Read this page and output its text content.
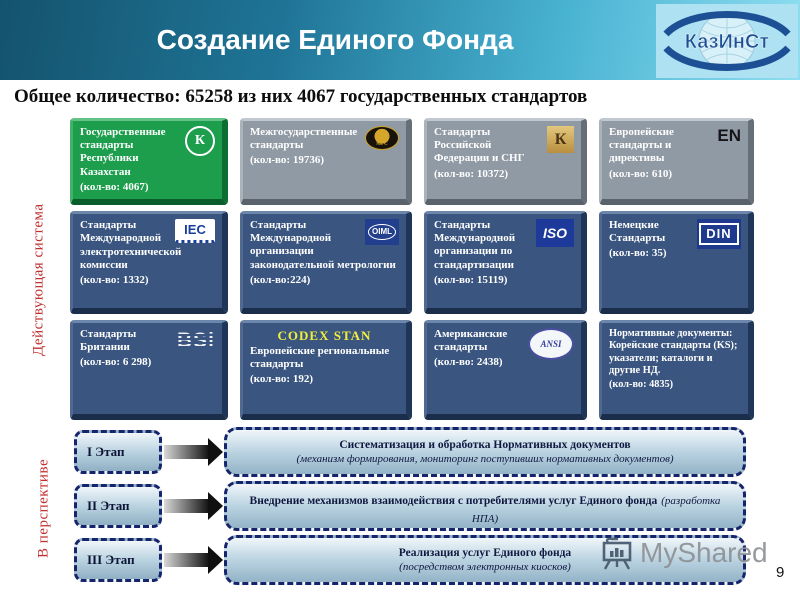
Создание Единого Фонда	КазИнСт
Общее количество: 65258 из них 4067 государственных стандартов
Действующая система
В перспективе
К
Государственные стандарты Республики Казахстан
(кол-во: 4067)
МГС
Межгосударственные стандарты
(кол-во: 19736)
К
Стандарты Российской Федерации и СНГ
(кол-во: 10372)
EN
Европейские стандарты и директивы
(кол-во: 610)
IEC
Стандарты Международной электротехнической комиссии
(кол-во: 1332)
OIML
Стандарты Международной организации законодательной метрологии
(кол-во:224)
ISO
Стандарты Международной организации по стандартизации
(кол-во: 15119)
DIN
Немецкие Стандарты
(кол-во: 35)
BSi
Стандарты Британии
(кол-во: 6 298)
CODEX STAN
Европейские региональные стандарты
(кол-во: 192)
ANSI
Американские стандарты
(кол-во: 2438)
Нормативные документы: Корейские стандарты (KS); указатели; каталоги и другие НД.
(кол-во: 4835)
I Этап	Систематизация и обработка Нормативных документов
(механизм формирования, мониторинг поступивших нормативных документов)
II Этап	Внедрение механизмов взаимодействия с потребителями услуг Единого фонда (разработка НПА)
III Этап	Реализация услуг Единого фонда
(посредством электронных киосков) MyShared
9
